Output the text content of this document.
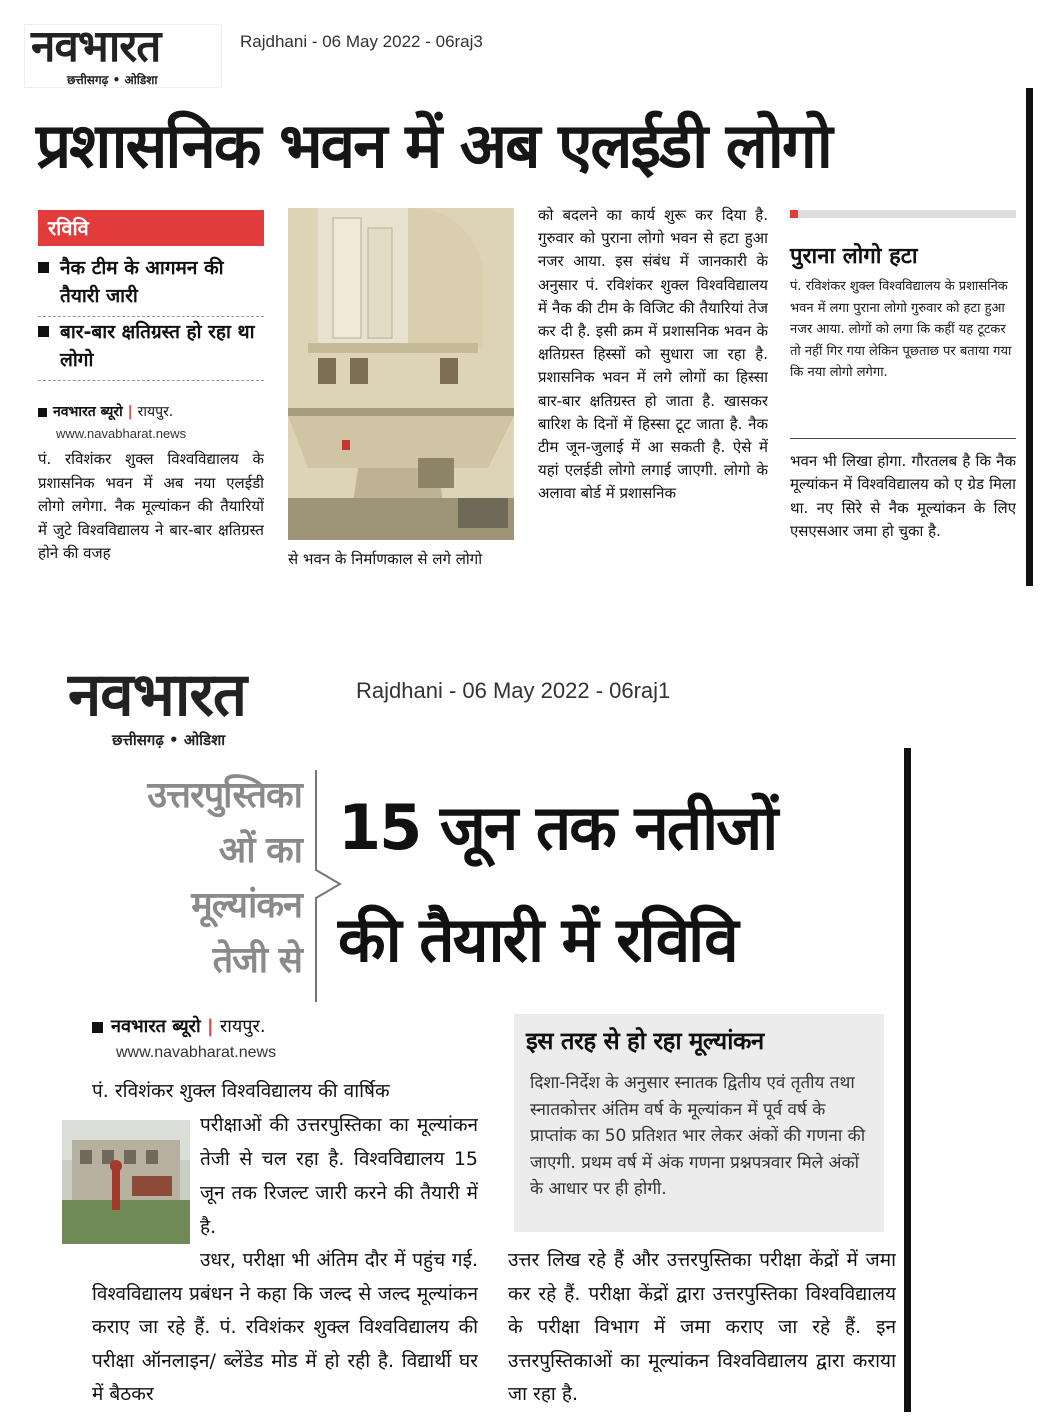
नवभारत
छत्तीसगढ़ • ओडिशा
Rajdhani - 06 May 2022 - 06raj3
प्रशासनिक भवन में अब एलईडी लोगो
रविवि
नैक टीम के आगमन की तैयारी जारी
बार-बार क्षतिग्रस्त हो रहा था लोगो
नवभारत ब्यूरो | रायपुर.
www.navabharat.news
पं. रविशंकर शुक्ल विश्वविद्यालय के प्रशासनिक भवन में अब नया एलईडी लोगो लगेगा. नैक मूल्यांकन की तैयारियों में जुटे विश्वविद्यालय ने बार-बार क्षतिग्रस्त होने की वजह	से भवन के निर्माणकाल से लगे लोगो
को बदलने का कार्य शुरू कर दिया है. गुरुवार को पुराना लोगो भवन से हटा हुआ नजर आया. इस संबंध में जानकारी के अनुसार पं. रविशंकर शुक्ल विश्वविद्यालय में नैक की टीम के विजिट की तैयारियां तेज कर दी है. इसी क्रम में प्रशासनिक भवन के क्षतिग्रस्त हिस्सों को सुधारा जा रहा है. प्रशासनिक भवन में लगे लोगों का हिस्सा बार-बार क्षतिग्रस्त हो जाता है. खासकर बारिश के दिनों में हिस्सा टूट जाता है. नैक टीम जून-जुलाई में आ सकती है. ऐसे में यहां एलईडी लोगो लगाई जाएगी. लोगो के अलावा बोर्ड में प्रशासनिक
पुराना लोगो हटा
पं. रविशंकर शुक्ल विश्वविद्यालय के प्रशासनिक भवन में लगा पुराना लोगो गुरुवार को हटा हुआ नजर आया. लोगों को लगा कि कहीं यह टूटकर तो नहीं गिर गया लेकिन पूछताछ पर बताया गया कि नया लोगो लगेगा.
भवन भी लिखा होगा. गौरतलब है कि नैक मूल्यांकन में विश्वविद्यालय को ए ग्रेड मिला था. नए सिरे से नैक मूल्यांकन के लिए एसएसआर जमा हो चुका है.
नवभारत
छत्तीसगढ़ • ओडिशा
Rajdhani - 06 May 2022 - 06raj1
उत्तरपुस्तिका
ओं का
मूल्यांकन
तेजी से
15 जून तक नतीजों
की तैयारी में रविवि
नवभारत ब्यूरो | रायपुर.
www.navabharat.news
पं. रविशंकर शुक्ल विश्वविद्यालय की वार्षिक
परीक्षाओं की उत्तरपुस्तिका का मूल्यांकन तेजी से चल रहा है. विश्वविद्यालय 15 जून तक रिजल्ट जारी करने की तैयारी में है.
उधर, परीक्षा भी अंतिम दौर में पहुंच गई. विश्वविद्यालय प्रबंधन ने कहा कि जल्द से जल्द मूल्यांकन कराए जा रहे हैं. पं. रविशंकर शुक्ल विश्वविद्यालय की परीक्षा ऑनलाइन/ ब्लेंडेड मोड में हो रही है. विद्यार्थी घर में बैठकर
इस तरह से हो रहा मूल्यांकन
दिशा-निर्देश के अनुसार स्नातक द्वितीय एवं तृतीय तथा स्नातकोत्तर अंतिम वर्ष के मूल्यांकन में पूर्व वर्ष के प्राप्तांक का 50 प्रतिशत भार लेकर अंकों की गणना की जाएगी. प्रथम वर्ष में अंक गणना प्रश्नपत्रवार मिले अंकों के आधार पर ही होगी.
उत्तर लिख रहे हैं और उत्तरपुस्तिका परीक्षा केंद्रों में जमा कर रहे हैं. परीक्षा केंद्रों द्वारा उत्तरपुस्तिका विश्वविद्यालय के परीक्षा विभाग में जमा कराए जा रहे हैं. इन उत्तरपुस्तिकाओं का मूल्यांकन विश्वविद्यालय द्वारा कराया जा रहा है.
